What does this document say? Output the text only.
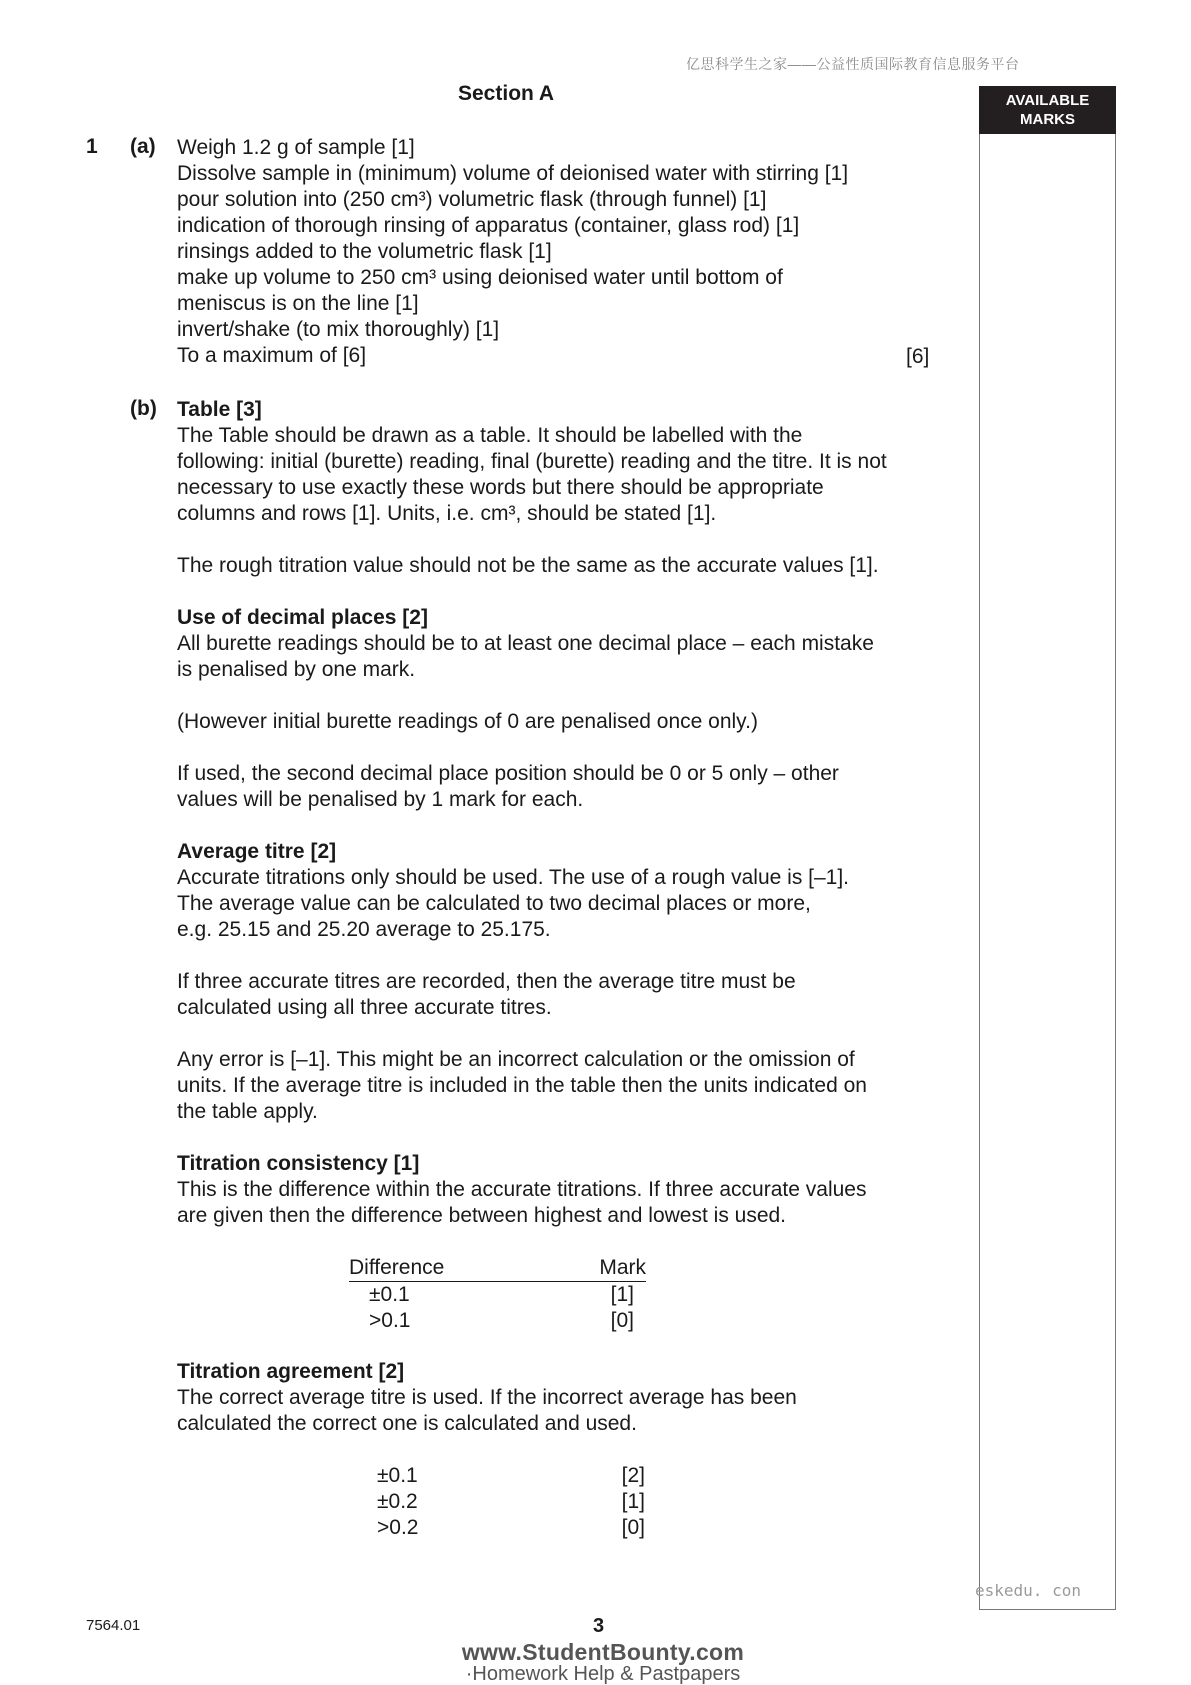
亿思科学生之家——公益性质国际教育信息服务平台
Section A	AVAILABLE
MARKS
1 (a) Weigh 1.2 g of sample [1]

Dissolve sample in (minimum) volume of deionised water with stirring [1]

pour solution into (250 cm³) volumetric flask (through funnel) [1]

indication of thorough rinsing of apparatus (container, glass rod) [1]

rinsings added to the volumetric flask [1]

make up volume to 250 cm³ using deionised water until bottom of

meniscus is on the line [1]

invert/shake (to mix thoroughly) [1]

To a maximum of [6]	[6]
(b) Table [3]

The Table should be drawn as a table. It should be labelled with the

following: initial (burette) reading, final (burette) reading and the titre. It is not

necessary to use exactly these words but there should be appropriate

columns and rows [1]. Units, i.e. cm³, should be stated [1].

The rough titration value should not be the same as the accurate values [1].

Use of decimal places [2]

All burette readings should be to at least one decimal place – each mistake

is penalised by one mark.

(However initial burette readings of 0 are penalised once only.)

If used, the second decimal place position should be 0 or 5 only – other

values will be penalised by 1 mark for each.

Average titre [2]

Accurate titrations only should be used. The use of a rough value is [–1].

The average value can be calculated to two decimal places or more,

e.g. 25.15 and 25.20 average to 25.175.

If three accurate titres are recorded, then the average titre must be

calculated using all three accurate titres.

Any error is [–1]. This might be an incorrect calculation or the omission of

units. If the average titre is included in the table then the units indicated on

the table apply.

Titration consistency [1]

This is the difference within the accurate titrations. If three accurate values

are given then the difference between highest and lowest is used.

Difference	Mark
±0.1	[1]
>0.1	[0]

Titration agreement [2]

The correct average titre is used. If the incorrect average has been

calculated the correct one is calculated and used.

±0.1	[2]
±0.2	[1]
>0.2	[0]
eskedu. con
7564.01	3
www.StudentBounty.com
·Homework Help & Pastpapers
